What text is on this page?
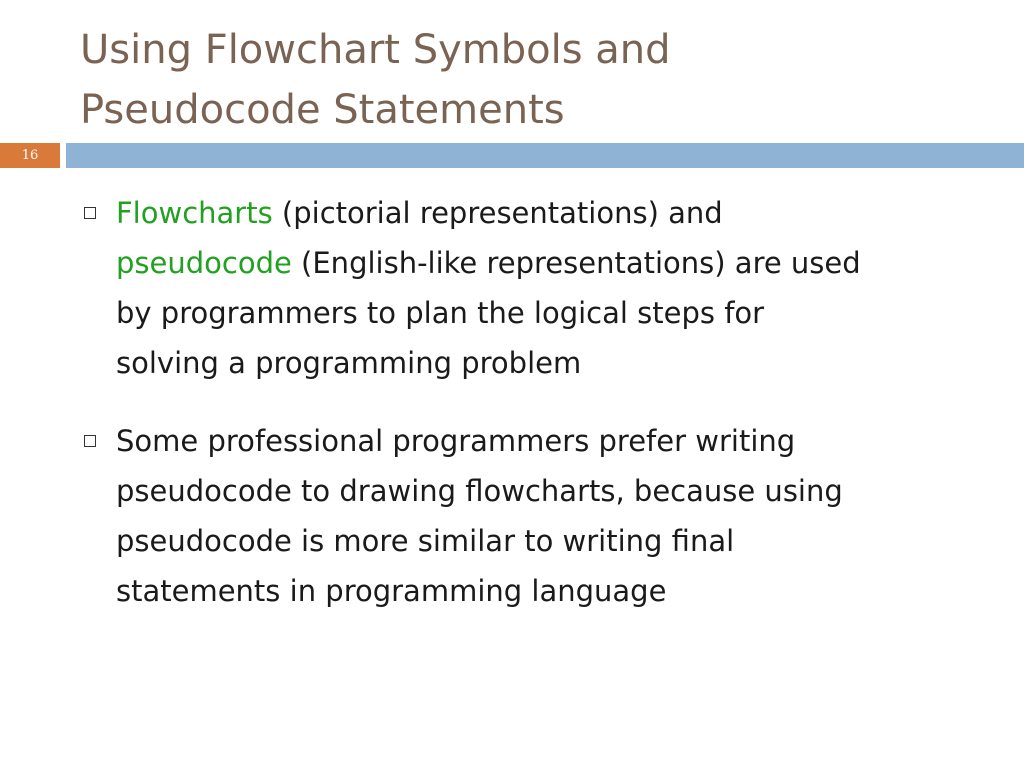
Using Flowchart Symbols and
Pseudocode Statements
16
Flowcharts (pictorial representations) and
pseudocode (English-like representations) are used
by programmers to plan the logical steps for
solving a programming problem
Some professional programmers prefer writing
pseudocode to drawing flowcharts, because using
pseudocode is more similar to writing final
statements in programming language
